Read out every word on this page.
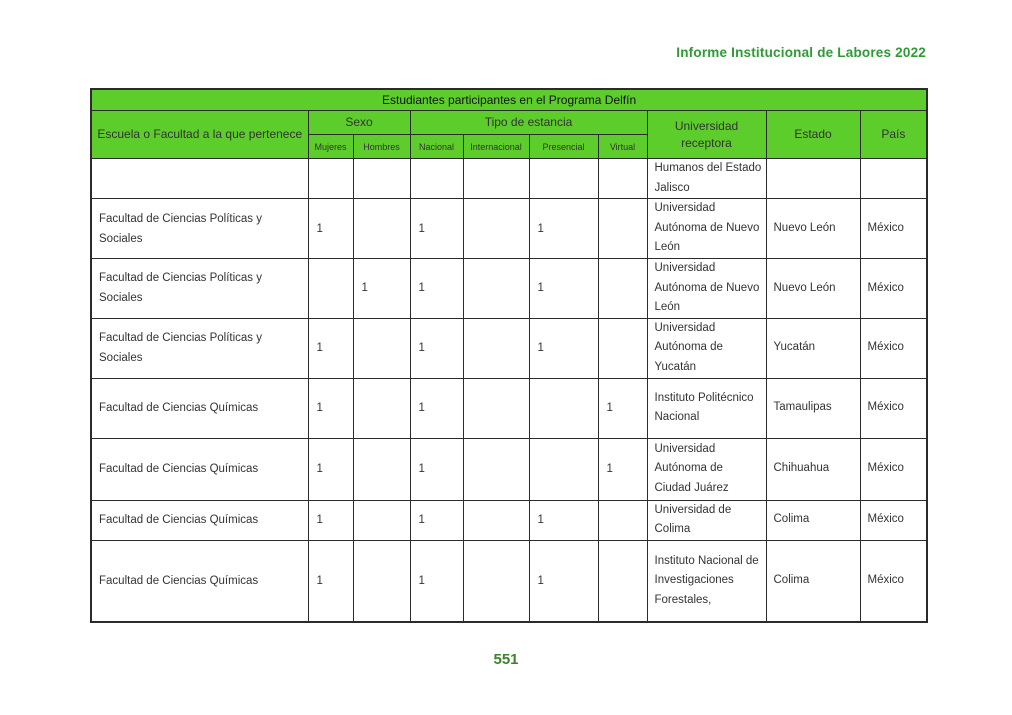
Informe Institucional de Labores 2022
Estudiantes participantes en el Programa Delfín									
Escuela o Facultad a la que pertenece	Sexo		Tipo de estancia				Universidad receptora	Estado	País
	Mujeres	Hombres	Nacional	Internacional	Presencial	Virtual			
							Humanos del Estado Jalisco		
Facultad de Ciencias Políticas y Sociales	1		1		1		Universidad Autónoma de Nuevo León	Nuevo León	México
Facultad de Ciencias Políticas y Sociales		1	1		1		Universidad Autónoma de Nuevo León	Nuevo León	México
Facultad de Ciencias Políticas y Sociales	1		1		1		Universidad Autónoma de Yucatán	Yucatán	México
Facultad de Ciencias Químicas	1		1			1	Instituto Politécnico Nacional	Tamaulipas	México
Facultad de Ciencias Químicas	1		1			1	Universidad Autónoma de Ciudad Juárez	Chihuahua	México
Facultad de Ciencias Químicas	1		1		1		Universidad de Colima	Colima	México
Facultad de Ciencias Químicas	1		1		1		Instituto Nacional de Investigaciones Forestales,	Colima	México
551
